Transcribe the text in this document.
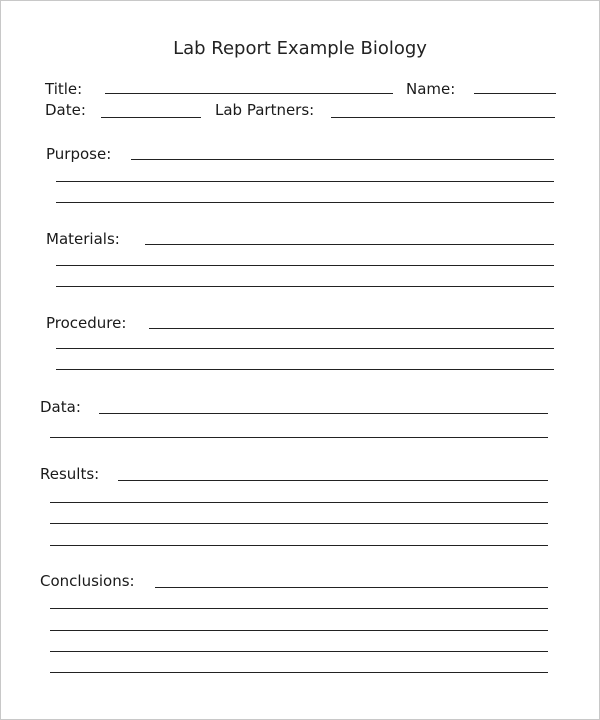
Lab Report Example Biology
Title:	Name:
Date:	Lab Partners:
Purpose:
Materials:
Procedure:
Data:
Results:
Conclusions:
